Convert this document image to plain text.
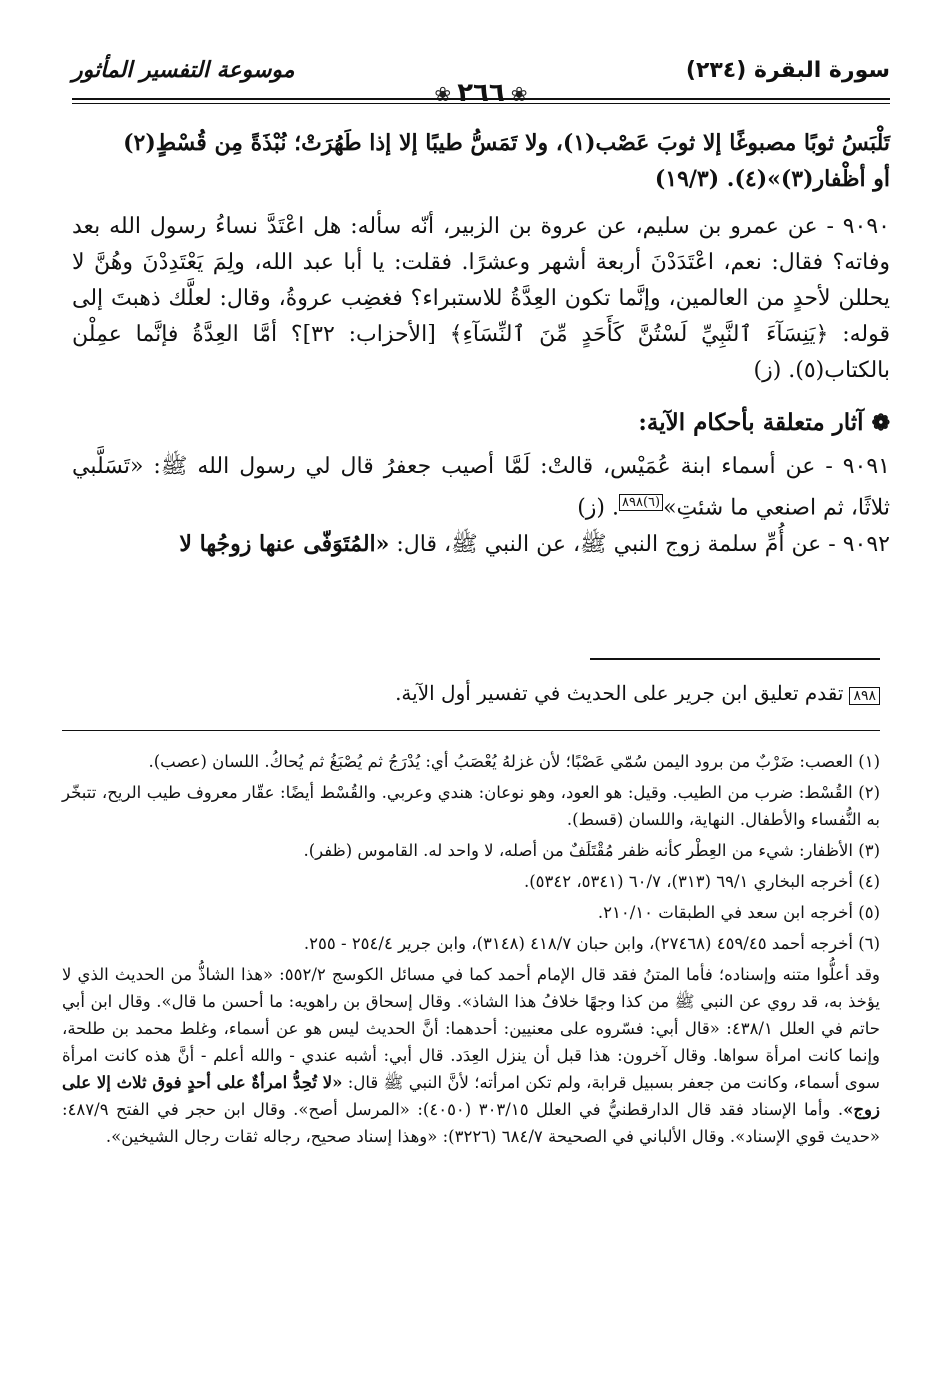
سورة البقرة (٢٣٤)
❀٢٦٦❀
موسوعة التفسير المأثور

تَلْبَسُ ثوبًا مصبوغًا إلا ثوبَ عَصْب(١)، ولا تَمَسُّ طيبًا إلا إذا طَهُرَتْ؛ نُبْذَةً مِن قُسْطٍ(٢)
أو أظْفار(٣)»(٤). (١٩/٣)

٩٠٩٠ - عن عمرو بن سليم، عن عروة بن الزبير، أنّه سأله: هل اعْتَدَّ نساءُ رسول الله بعد وفاته؟ فقال: نعم، اعْتَدَدْنَ أربعة أشهر وعشرًا. فقلت: يا أبا عبد الله، ولِمَ يَعْتَدِدْنَ وهُنَّ لا يحللن لأحدٍ من العالمين، وإنَّما تكون العِدَّةُ للاستبراء؟ فغضِب عروةُ، وقال: لعلَّك ذهبتَ إلى قوله: ﴿يَنِسَآءَ ٱلنَّبِيِّ لَسْتُنَّ كَأَحَدٍ مِّنَ ٱلنِّسَآءِ﴾ [الأحزاب: ٣٢]؟ أمَّا العِدَّةُ فإنَّما عمِلْن بالكتاب(٥). (ز)

❁آثار متعلقة بأحكام الآية:

٩٠٩١ - عن أسماء ابنة عُمَيْس، قالتْ: لَمَّا أصيب جعفرُ قال لي رسول الله ﷺ: «تَسَلَّبي ثلاثًا، ثم اصنعي ما شئتِ»$^{(٦)٨٩٨}$. (ز)

٩٠٩٢ - عن أُمِّ سلمة زوج النبي ﷺ، عن النبي ﷺ، قال: «المُتَوَفّى عنها زوجُها لا

٨٩٨تقدم تعليق ابن جرير على الحديث في تفسير أول الآية.

(١) العصب: ضَرْبٌ من برود اليمن سُمّي عَصْبًا؛ لأن غزلهُ يُعْصَبُ أي: يُدْرَجُ ثم يُصْبَغُ ثم يُحاكُ. اللسان (عصب).

(٢) القُسْط: ضرب من الطيب. وقيل: هو العود، وهو نوعان: هندي وعربي. والقُسْط أيضًا: عقّار معروف طيب الريح، تتبخّر به النُّفساء والأطفال. النهاية، واللسان (قسط).

(٣) الأظفار: شيء من العِطْر كأنه ظفر مُقْتَلَفٌ من أصله، لا واحد له. القاموس (ظفر).

(٤) أخرجه البخاري ٦٩/١ (٣١٣)، ٦٠/٧ (٥٣٤١، ٥٣٤٢).

(٥) أخرجه ابن سعد في الطبقات ٢١٠/١٠.

(٦) أخرجه أحمد ٤٥٩/٤٥ (٢٧٤٦٨)، وابن حبان ٤١٨/٧ (٣١٤٨)، وابن جرير ٢٥٤/٤ - ٢٥٥.

وقد أعلُّوا متنه وإسناده؛ فأما المتنُ فقد قال الإمام أحمد كما في مسائل الكوسج ٥٥٢/٢: «هذا الشاذُّ من الحديث الذي لا يؤخذ به، قد روي عن النبي ﷺ من كذا وجهًا خلافُ هذا الشاذ». وقال إسحاق بن راهويه: ما أحسن ما قال». وقال ابن أبي حاتم في العلل ٤٣٨/١: «قال أبي: فسّروه على معنيين: أحدهما: أنَّ الحديث ليس هو عن أسماء، وغلط محمد بن طلحة، وإنما كانت امرأة سواها. وقال آخرون: هذا قبل أن ينزل العِدَد. قال أبي: أشبه عندي - والله أعلم - أنَّ هذه كانت امرأة سوى أسماء، وكانت من جعفر بسبيل قرابة، ولم تكن امرأته؛ لأنَّ النبي ﷺ قال: «لا تُحِدُّ امرأةٌ على أحدٍ فوق ثلاث إلا على زوج». وأما الإسناد فقد قال الدارقطنيُّ في العلل ٣٠٣/١٥ (٤٠٥٠): «المرسل أصح». وقال ابن حجر في الفتح ٤٨٧/٩: «حديث قوي الإسناد». وقال الألباني في الصحيحة ٦٨٤/٧ (٣٢٢٦): «وهذا إسناد صحيح، رجاله ثقات رجال الشيخين».
